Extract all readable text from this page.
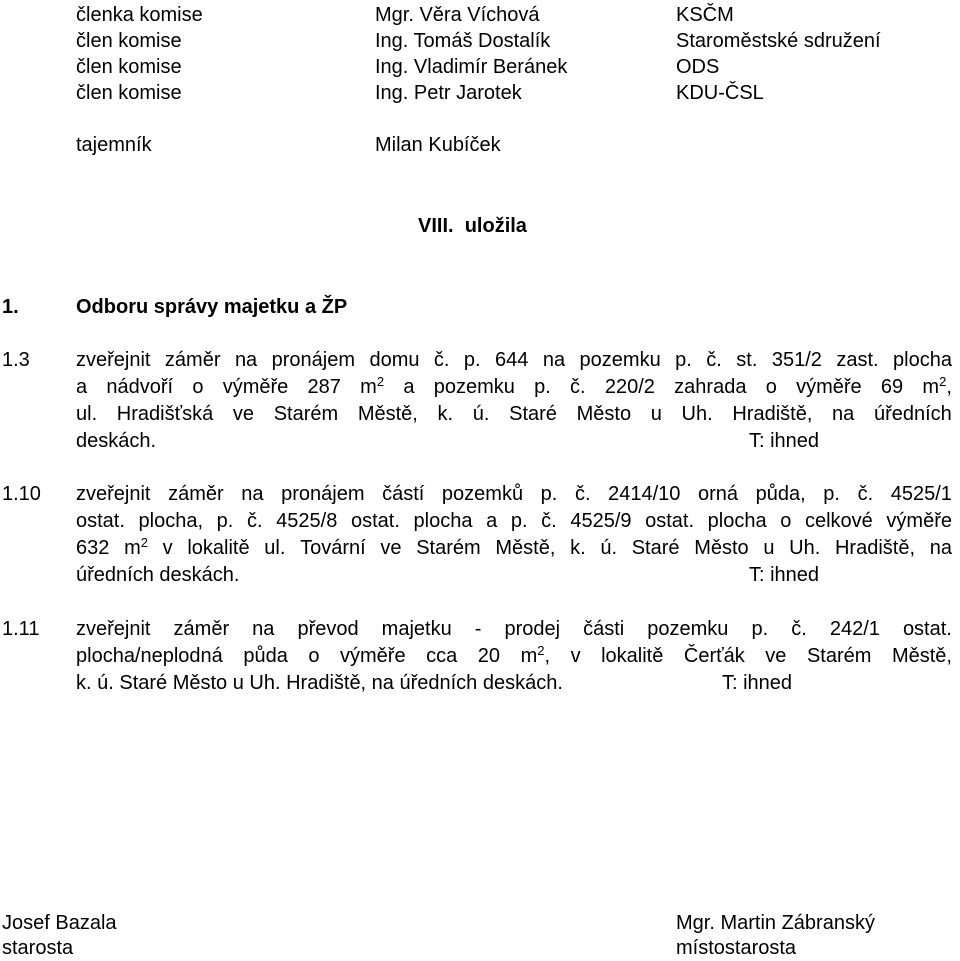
členka komise	Mgr. Věra Víchová	KSČM
člen komise	Ing. Tomáš Dostalík	Staroměstské sdružení
člen komise	Ing. Vladimír Beránek	ODS
člen komise	Ing. Petr Jarotek	KDU-ČSL
tajemník	Milan Kubíček
VIII. uložila
1.	Odboru správy majetku a ŽP
1.3 zveřejnit záměr na pronájem domu č. p. 644 na pozemku p. č. st. 351/2 zast. plocha
a nádvoří o výměře 287 $m^2$ a pozemku p. č. 220/2 zahrada o výměře 69 $m^2$,
ul. Hradišťská ve Starém Městě, k. ú. Staré Město u Uh. Hradiště, na úředních
deskách.	T: ihned
1.10 zveřejnit záměr na pronájem částí pozemků p. č. 2414/10 orná půda, p. č. 4525/1
ostat. plocha, p. č. 4525/8 ostat. plocha a p. č. 4525/9 ostat. plocha o celkové výměře
632 $m^2$ v lokalitě ul. Tovární ve Starém Městě, k. ú. Staré Město u Uh. Hradiště, na
úředních deskách.	T: ihned
1.11 zveřejnit záměr na převod majetku - prodej části pozemku p. č. 242/1 ostat.
plocha/neplodná půda o výměře cca 20 $m^2$, v lokalitě Čerťák ve Starém Městě,
k. ú. Staré Město u Uh. Hradiště, na úředních deskách.	T: ihned
Josef Bazala
starosta
Mgr. Martin Zábranský
místostarosta
